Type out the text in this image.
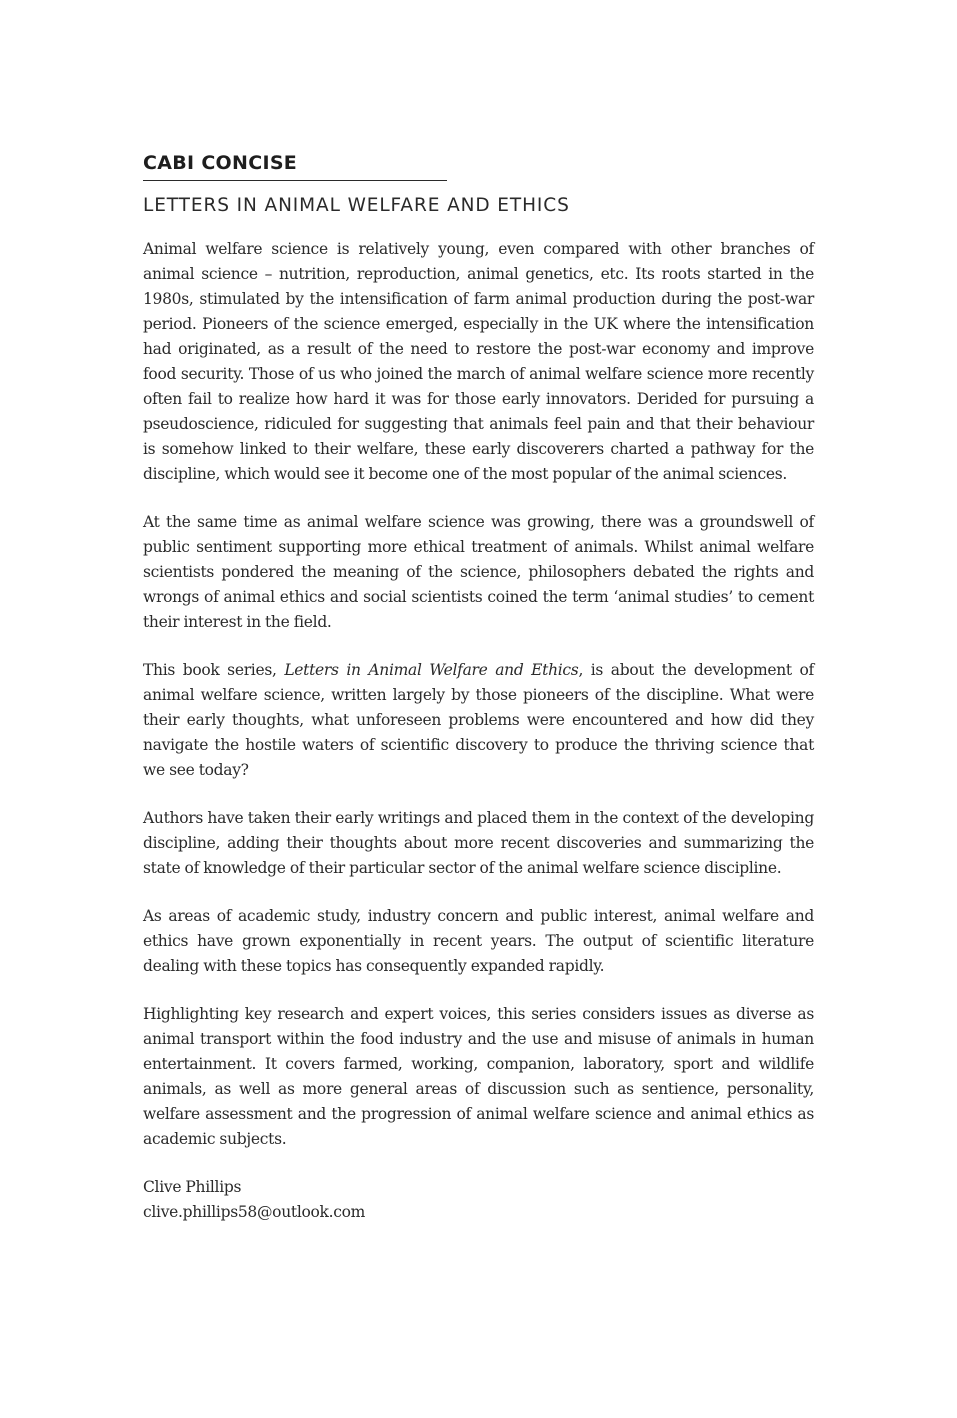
CABI CONCISE
LETTERS IN ANIMAL WELFARE AND ETHICS

Animal welfare science is relatively young, even compared with other branches of animal science – nutrition, reproduction, animal genetics, etc. Its roots started in the 1980s, stimulated by the intensification of farm animal production during the post-war period. Pioneers of the science emerged, especially in the UK where the intensification had originated, as a result of the need to restore the post-war economy and improve food security. Those of us who joined the march of animal welfare science more recently often fail to realize how hard it was for those early innovators. Derided for pursuing a pseudoscience, ridiculed for suggesting that animals feel pain and that their behaviour is somehow linked to their welfare, these early discoverers charted a pathway for the discipline, which would see it become one of the most popular of the animal sciences.

At the same time as animal welfare science was growing, there was a groundswell of public sentiment supporting more ethical treatment of animals. Whilst animal welfare scientists pondered the meaning of the science, philosophers debated the rights and wrongs of animal ethics and social scientists coined the term ‘animal studies’ to cement their interest in the field.

This book series, Letters in Animal Welfare and Ethics, is about the development of animal welfare science, written largely by those pioneers of the discipline. What were their early thoughts, what unforeseen problems were encountered and how did they navigate the hostile waters of scientific discovery to produce the thriving science that we see today?

Authors have taken their early writings and placed them in the context of the developing discipline, adding their thoughts about more recent discoveries and summarizing the state of knowledge of their particular sector of the animal welfare science discipline.

As areas of academic study, industry concern and public interest, animal welfare and ethics have grown exponentially in recent years. The output of scientific literature dealing with these topics has consequently expanded rapidly.

Highlighting key research and expert voices, this series considers issues as diverse as animal transport within the food industry and the use and misuse of animals in human entertainment. It covers farmed, working, companion, laboratory, sport and wildlife animals, as well as more general areas of discussion such as sentience, personality, welfare assessment and the progression of animal welfare science and animal ethics as academic subjects.

Clive Phillips
clive.phillips58@outlook.com
